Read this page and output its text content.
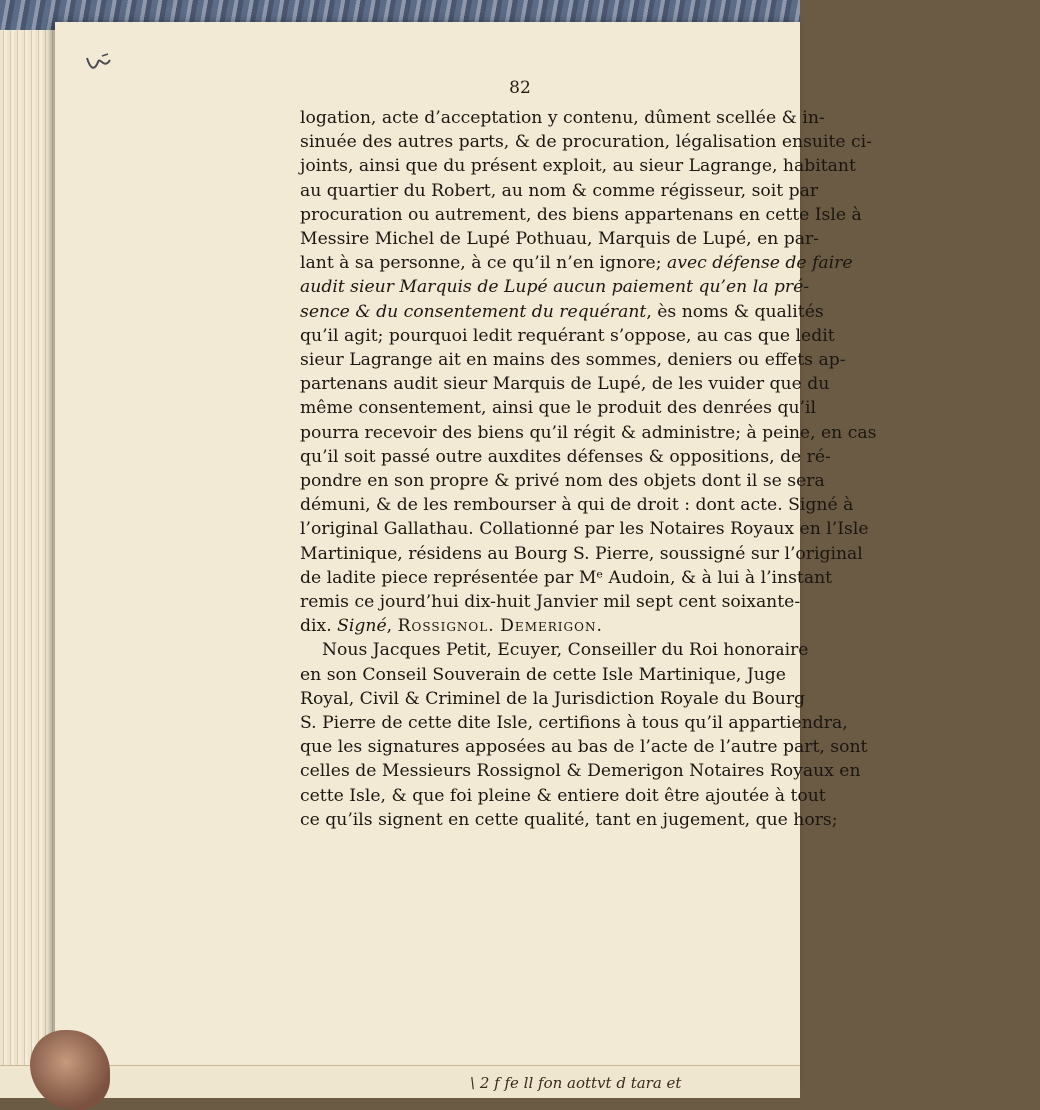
82
logation, acte d’acceptation y contenu, dûment scellée & in-
sinuée des autres parts, & de procuration, légalisation ensuite ci-
joints, ainsi que du présent exploit, au sieur Lagrange, habitant
au quartier du Robert, au nom & comme régisseur, soit par
procuration ou autrement, des biens appartenans en cette Isle à
Messire Michel de Lupé Pothuau, Marquis de Lupé, en par-
lant à sa personne, à ce qu’il n’en ignore; avec défense de faire
audit sieur Marquis de Lupé aucun paiement qu’en la pré-
sence & du consentement du requérant, ès noms & qualités
qu’il agit; pourquoi ledit requérant s’oppose, au cas que ledit
sieur Lagrange ait en mains des sommes, deniers ou effets ap-
partenans audit sieur Marquis de Lupé, de les vuider que du
même consentement, ainsi que le produit des denrées qu’il
pourra recevoir des biens qu’il régit & administre; à peine, en cas
qu’il soit passé outre auxdites défenses & oppositions, de ré-
pondre en son propre & privé nom des objets dont il se sera
démuni, & de les rembourser à qui de droit : dont acte. Signé à
l’original Gallathau. Collationné par les Notaires Royaux en l’Isle
Martinique, résidens au Bourg S. Pierre, soussigné sur l’original
de ladite piece représentée par Mᵉ Audoin, & à lui à l’instant
remis ce jourd’hui dix-huit Janvier mil sept cent soixante-
dix. Signé, Rossignol. Demerigon.
Nous Jacques Petit, Ecuyer, Conseiller du Roi honoraire
en son Conseil Souverain de cette Isle Martinique, Juge
Royal, Civil & Criminel de la Jurisdiction Royale du Bourg
S. Pierre de cette dite Isle, certifions à tous qu’il appartiendra,
que les signatures apposées au bas de l’acte de l’autre part, sont
celles de Messieurs Rossignol & Demerigon Notaires Royaux en
cette Isle, & que foi pleine & entiere doit être ajoutée à tout
ce qu’ils signent en cette qualité, tant en jugement, que hors;
\ 2 f fe ll fon aottvt d tara et
